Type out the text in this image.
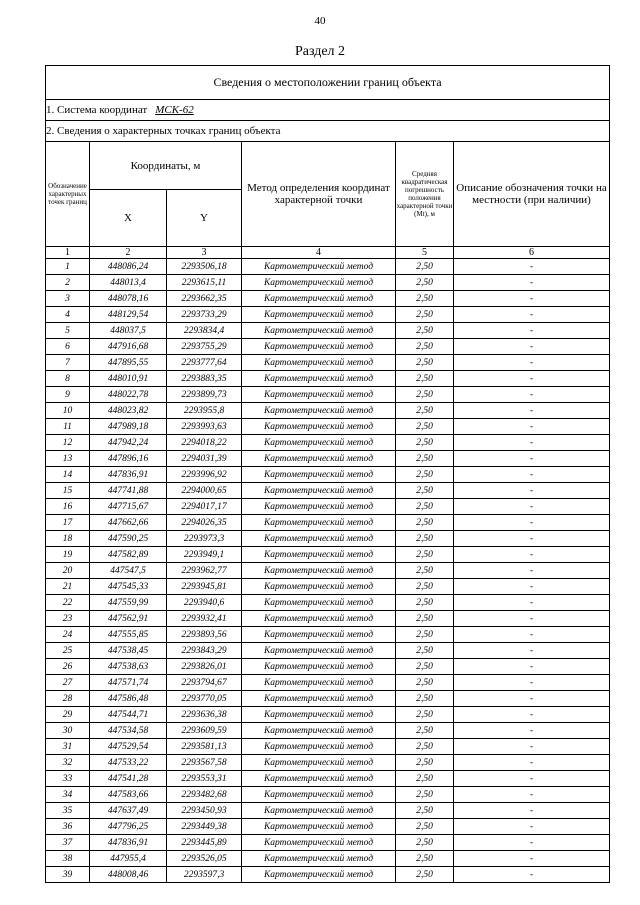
40
Раздел 2
Сведения о местоположении границ объекта					
1. Система координат МСК-62					
2. Сведения о характерных точках границ объекта					
Обозначение характерных точек границ	Координаты, м		Метод определения координат характерной точки	Средняя квадратическая погрешность положения характерной точки (Mt), м	Описание обозначения точки на местности (при наличии)
	X	Y			
1	2	3	4	5	6
1	448086,24	2293506,18	Картометрический метод	2,50	-
2	448013,4	2293615,11	Картометрический метод	2,50	-
3	448078,16	2293662,35	Картометрический метод	2,50	-
4	448129,54	2293733,29	Картометрический метод	2,50	-
5	448037,5	2293834,4	Картометрический метод	2,50	-
6	447916,68	2293755,29	Картометрический метод	2,50	-
7	447895,55	2293777,64	Картометрический метод	2,50	-
8	448010,91	2293883,35	Картометрический метод	2,50	-
9	448022,78	2293899,73	Картометрический метод	2,50	-
10	448023,82	2293955,8	Картометрический метод	2,50	-
11	447989,18	2293993,63	Картометрический метод	2,50	-
12	447942,24	2294018,22	Картометрический метод	2,50	-
13	447896,16	2294031,39	Картометрический метод	2,50	-
14	447836,91	2293996,92	Картометрический метод	2,50	-
15	447741,88	2294000,65	Картометрический метод	2,50	-
16	447715,67	2294017,17	Картометрический метод	2,50	-
17	447662,66	2294026,35	Картометрический метод	2,50	-
18	447590,25	2293973,3	Картометрический метод	2,50	-
19	447582,89	2293949,1	Картометрический метод	2,50	-
20	447547,5	2293962,77	Картометрический метод	2,50	-
21	447545,33	2293945,81	Картометрический метод	2,50	-
22	447559,99	2293940,6	Картометрический метод	2,50	-
23	447562,91	2293932,41	Картометрический метод	2,50	-
24	447555,85	2293893,56	Картометрический метод	2,50	-
25	447538,45	2293843,29	Картометрический метод	2,50	-
26	447538,63	2293826,01	Картометрический метод	2,50	-
27	447571,74	2293794,67	Картометрический метод	2,50	-
28	447586,48	2293770,05	Картометрический метод	2,50	-
29	447544,71	2293636,38	Картометрический метод	2,50	-
30	447534,58	2293609,59	Картометрический метод	2,50	-
31	447529,54	2293581,13	Картометрический метод	2,50	-
32	447533,22	2293567,58	Картометрический метод	2,50	-
33	447541,28	2293553,31	Картометрический метод	2,50	-
34	447583,66	2293482,68	Картометрический метод	2,50	-
35	447637,49	2293450,93	Картометрический метод	2,50	-
36	447796,25	2293449,38	Картометрический метод	2,50	-
37	447836,91	2293445,89	Картометрический метод	2,50	-
38	447955,4	2293526,05	Картометрический метод	2,50	-
39	448008,46	2293597,3	Картометрический метод	2,50	-
